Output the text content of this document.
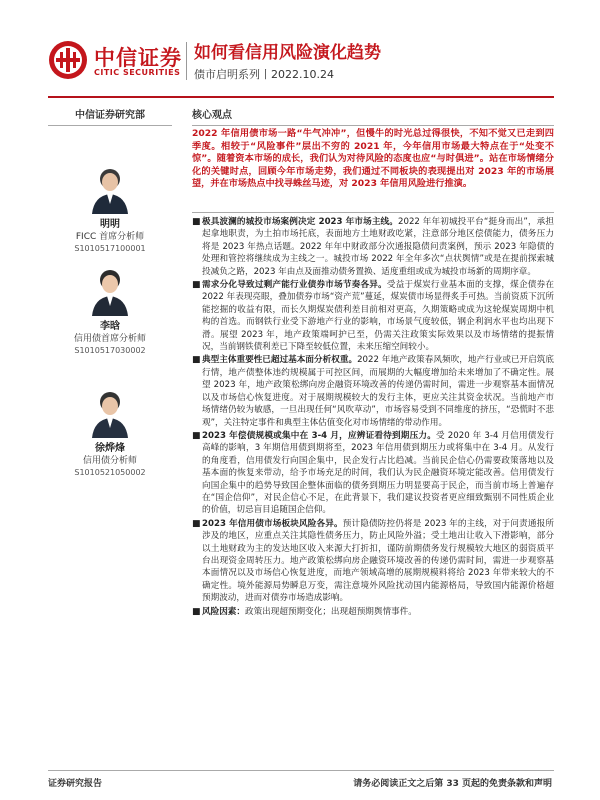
中信证券
CITIC SECURITIES
如何看信用风险演化趋势
债市启明系列丨2022.10.24
中信证券研究部
明明
FICC 首席分析师
S1010517100001
李晗
信用债首席分析师
S1010517030002
徐烨烽
信用债分析师
S1010521050002
核心观点
2022 年信用债市场一路“牛气冲冲”，但慢牛的时光总过得很快，不知不觉又已走到四季度。相较于“风险事件”层出不穷的 2021 年，今年信用市场最大特点在于“处变不惊”。随着资本市场的成长，我们认为对待风险的态度也应“与时俱进”。站在市场情绪分化的关键时点，回顾今年市场走势，我们通过不同板块的表现提出对 2023 年的市场展望，并在市场热点中找寻蛛丝马迹，对 2023 年信用风险进行推演。
■ 极具波澜的城投市场案例决定 2023 年市场主线。2022 年年初城投平台“挺身而出”，承担起拿地职责，为土拍市场托底，表面地方土地财政吃紧，注意部分地区偿债能力，债务压力将是 2023 年热点话题。2022 年年中财政部分次通报隐债问责案例，预示 2023 年隐债的处理和管控将继续成为主线之一。城投市场 2022 年全年多次“点状舆情”或是在提前探索城投减负之路，2023 年由点及面推动债务置换、适度重组或成为城投市场新的周期序章。
■ 需求分化导致过剩产能行业债券市场节奏各异。受益于煤炭行业基本面的支撑，煤企债券在 2022 年表现亮眼，叠加债券市场“资产荒”蔓延，煤炭债市场显得炙手可热。当前资质下沉所能挖掘的收益有限，而长久期煤炭债利差目前相对更高，久期策略或成为这轮煤炭周期中机构的首选。而钢铁行业受下游地产行业的影响，市场景气度较低，钢企利润水平也均出现下滑。展望 2023 年，地产政策端呵护已至，仍需关注政策实际效果以及市场情绪的提振情况，当前钢铁债利差已下降至较低位置，未来压缩空间较小。
■ 典型主体重要性已超过基本面分析权重。2022 年地产政策春风频吹，地产行业或已开启筑底行情，地产债整体违约规模属于可控区间，而展期的大幅度增加给未来增加了不确定性。展望 2023 年，地产政策松绑向房企融资环境改善的传递仍需时间，需进一步观察基本面情况以及市场信心恢复进度。对于展期规模较大的发行主体，更应关注其资金状况。当前地产市场情绪仍较为敏感，一旦出现任何“风吹草动”，市场容易受到不同维度的挤压，“恐慌时不悲观”，关注特定事件和典型主体估值变化对市场情绪的带动作用。
■ 2023 年偿债规模或集中在 3-4 月，应辨证看待到期压力。受 2020 年 3-4 月信用债发行高峰的影响，3 年期信用债到期将至，2023 年信用债到期压力或将集中在 3-4 月。从发行的角度看，信用债发行向国企集中，民企发行占比趋减。当前民企信心仍需要政策落地以及基本面的恢复来带动，给予市场充足的时间，我们认为民企融资环境定能改善。信用债发行向国企集中的趋势导致国企整体面临的债务到期压力明显要高于民企，而当前市场上普遍存在“国企信仰”，对民企信心不足，在此背景下，我们建议投资者更应细致甄别不同性质企业的价值，切忌盲目追随国企信仰。
■ 2023 年信用债市场板块风险各异。预计隐债防控仍将是 2023 年的主线，对于问责通报所涉及的地区，应重点关注其隐性债务压力，防止风险外溢；受土地出让收入下滑影响，部分以土地财政为主的发达地区收入来源大打折扣，谨防前期债务发行规模较大地区的弱资质平台出现资金周转压力。地产政策松绑向房企融资环境改善的传递仍需时间，需进一步观察基本面情况以及市场信心恢复进度，而地产领域高增的展期规模料将给 2023 年带来较大的不确定性。境外能源局势瞬息万变，需注意境外风险扰动国内能源格局，导致国内能源价格超预期波动，进而对债券市场造成影响。
■ 风险因素：政策出现超预期变化；出现超预期舆情事件。
证券研究报告	请务必阅读正文之后第 33 页起的免责条款和声明
